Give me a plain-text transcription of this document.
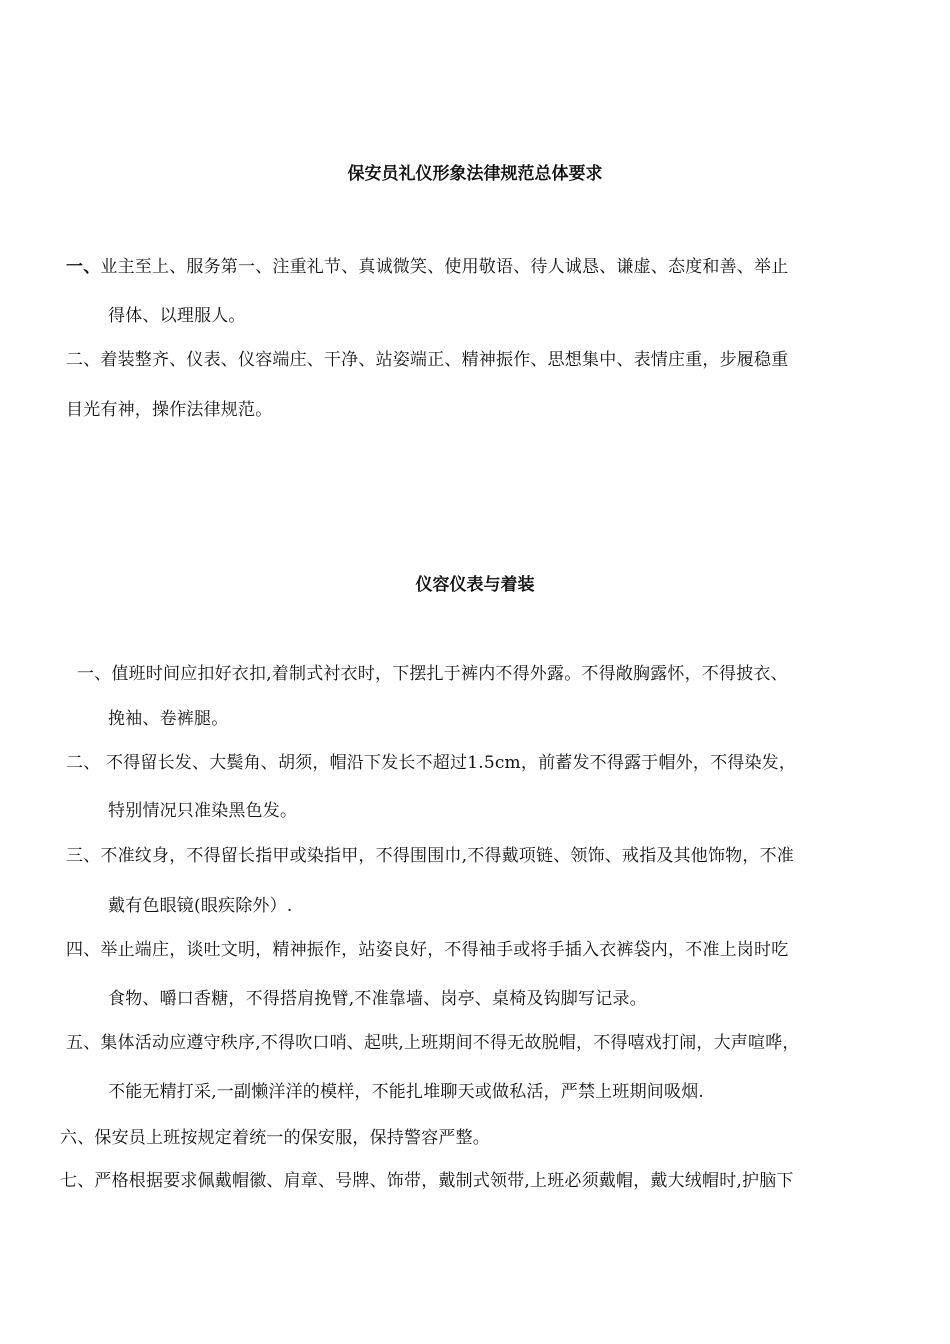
保安员礼仪形象法律规范总体要求

一、业主至上、服务第一、注重礼节、真诚微笑、使用敬语、待人诚恳、谦虚、态度和善、举止

得体、以理服人。

二、着装整齐、仪表、仪容端庄、干净、站姿端正、精神振作、思想集中、表情庄重，步履稳重

目光有神，操作法律规范。

仪容仪表与着装

一、值班时间应扣好衣扣,着制式衬衣时，下摆扎于裤内不得外露。不得敞胸露怀，不得披衣、

挽袖、卷裤腿。

二、 不得留长发、大鬓角、胡须，帽沿下发长不超过1.5cm，前蓄发不得露于帽外，不得染发，

特别情况只准染黑色发。

三、不准纹身，不得留长指甲或染指甲，不得围围巾,不得戴项链、领饰、戒指及其他饰物，不准

戴有色眼镜(眼疾除外）.

四、举止端庄，谈吐文明，精神振作，站姿良好，不得袖手或将手插入衣裤袋内，不准上岗时吃

食物、嚼口香糖，不得搭肩挽臂,不准靠墙、岗亭、桌椅及钩脚写记录。

五、集体活动应遵守秩序,不得吹口哨、起哄,上班期间不得无故脱帽，不得嘻戏打闹，大声喧哗，

不能无精打采,一副懒洋洋的模样，不能扎堆聊天或做私活，严禁上班期间吸烟.

六、保安员上班按规定着统一的保安服，保持警容严整。

七、严格根据要求佩戴帽徽、肩章、号牌、饰带，戴制式领带,上班必须戴帽，戴大绒帽时,护脑下
